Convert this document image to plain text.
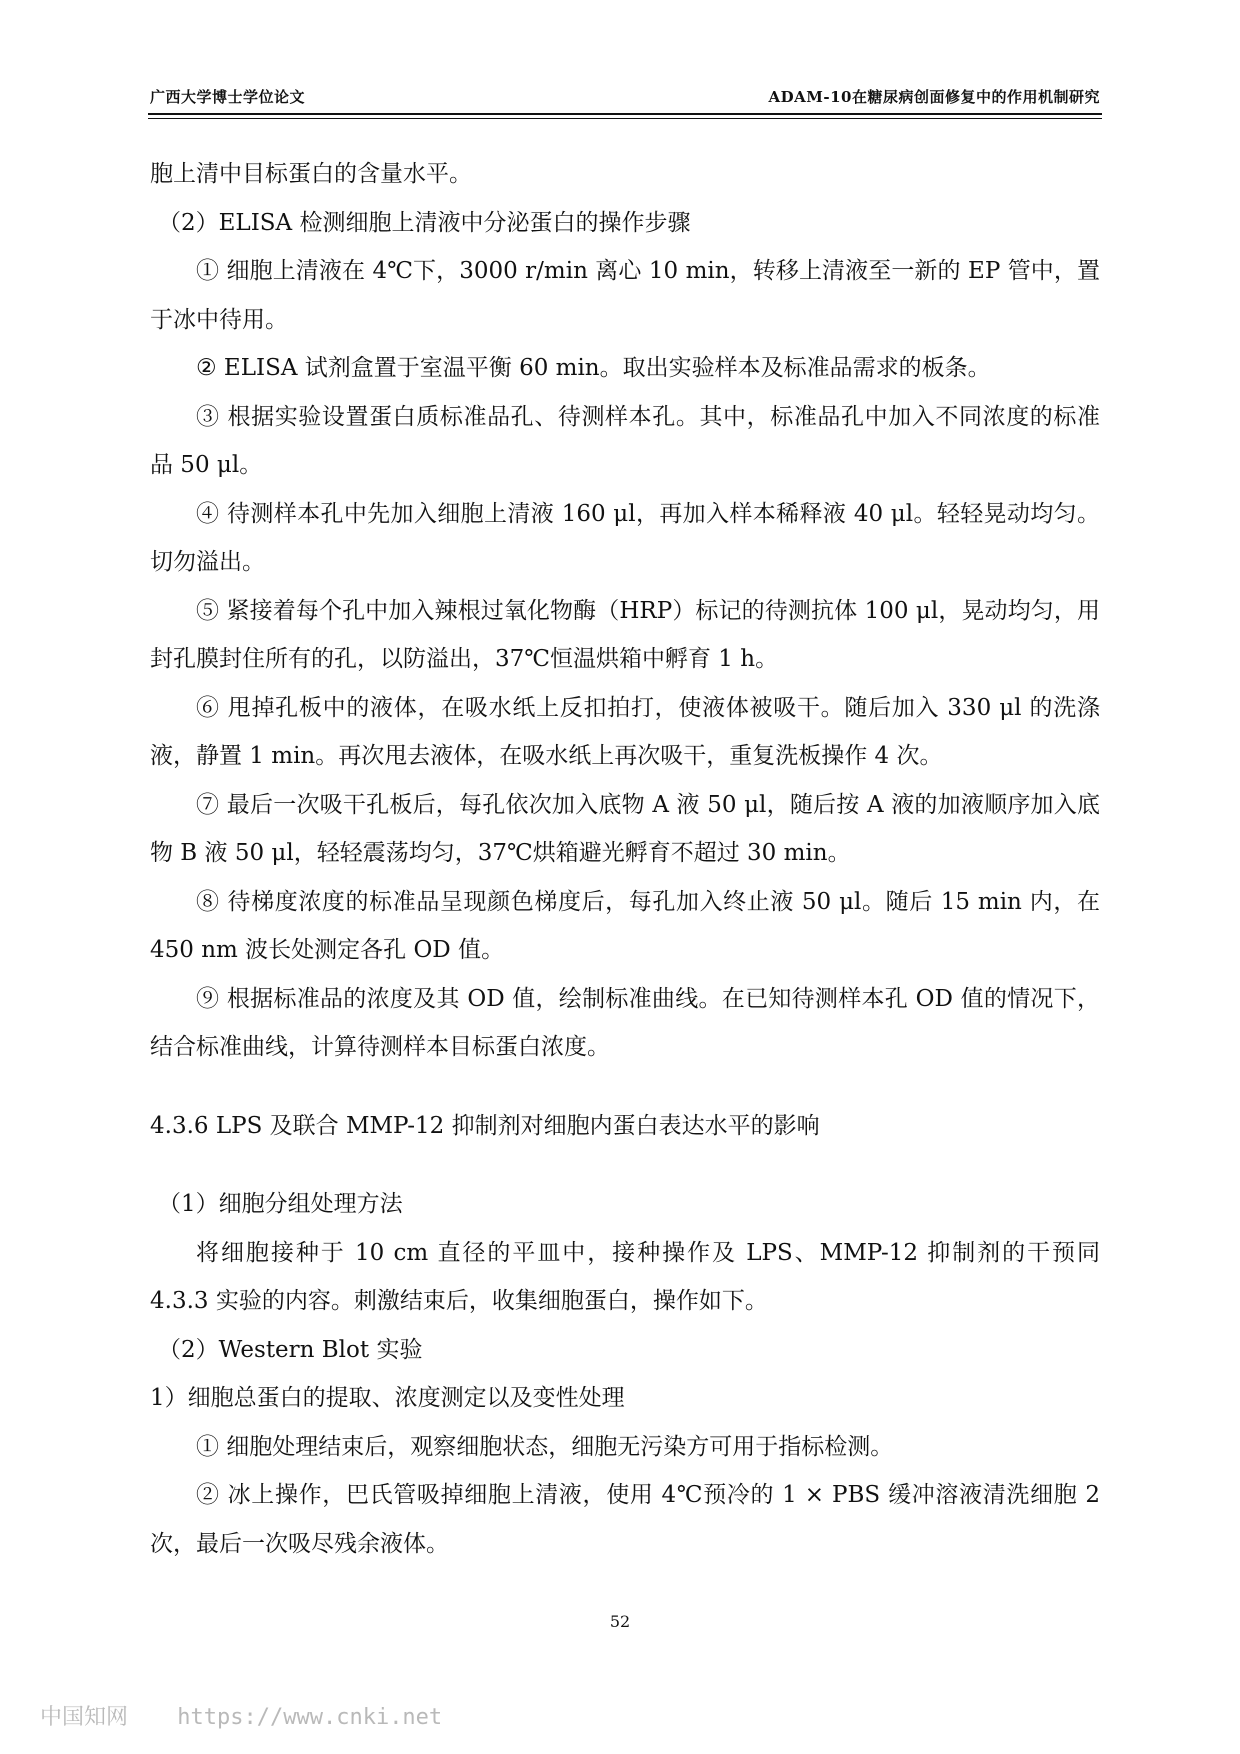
广西大学博士学位论文	ADAM-10在糖尿病创面修复中的作用机制研究
胞上清中目标蛋白的含量水平。
（2）ELISA 检测细胞上清液中分泌蛋白的操作步骤
① 细胞上清液在 4℃下，3000 r/min 离心 10 min，转移上清液至一新的 EP 管中，置于冰中待用。
② ELISA 试剂盒置于室温平衡 60 min。取出实验样本及标准品需求的板条。
③ 根据实验设置蛋白质标准品孔、待测样本孔。其中，标准品孔中加入不同浓度的标准品 50 μl。
④ 待测样本孔中先加入细胞上清液 160 μl，再加入样本稀释液 40 μl。轻轻晃动均匀。切勿溢出。
⑤ 紧接着每个孔中加入辣根过氧化物酶（HRP）标记的待测抗体 100 μl，晃动均匀，用封孔膜封住所有的孔，以防溢出，37℃恒温烘箱中孵育 1 h。
⑥ 甩掉孔板中的液体，在吸水纸上反扣拍打，使液体被吸干。随后加入 330 μl 的洗涤液，静置 1 min。再次甩去液体，在吸水纸上再次吸干，重复洗板操作 4 次。
⑦ 最后一次吸干孔板后，每孔依次加入底物 A 液 50 μl，随后按 A 液的加液顺序加入底物 B 液 50 μl，轻轻震荡均匀，37℃烘箱避光孵育不超过 30 min。
⑧ 待梯度浓度的标准品呈现颜色梯度后，每孔加入终止液 50 μl。随后 15 min 内，在 450 nm 波长处测定各孔 OD 值。
⑨ 根据标准品的浓度及其 OD 值，绘制标准曲线。在已知待测样本孔 OD 值的情况下，结合标准曲线，计算待测样本目标蛋白浓度。
4.3.6 LPS 及联合 MMP-12 抑制剂对细胞内蛋白表达水平的影响
（1）细胞分组处理方法
将细胞接种于 10 cm 直径的平皿中，接种操作及 LPS、MMP-12 抑制剂的干预同 4.3.3 实验的内容。刺激结束后，收集细胞蛋白，操作如下。
（2）Western Blot 实验
1）细胞总蛋白的提取、浓度测定以及变性处理
① 细胞处理结束后，观察细胞状态，细胞无污染方可用于指标检测。
② 冰上操作，巴氏管吸掉细胞上清液，使用 4℃预冷的 1 × PBS 缓冲溶液清洗细胞 2 次，最后一次吸尽残余液体。
52
中国知网 https://www.cnki.net
